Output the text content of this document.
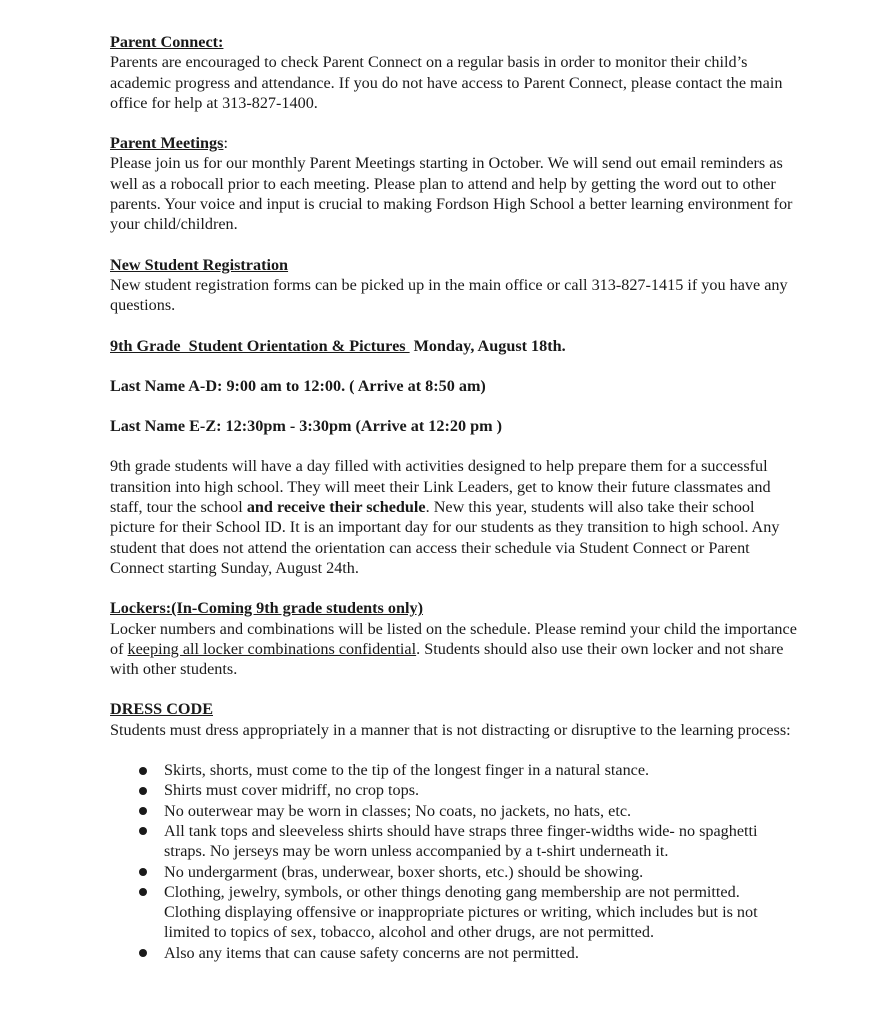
Parent Connect:

Parents are encouraged to check Parent Connect on a regular basis in order to monitor their child’s academic progress and attendance. If you do not have access to Parent Connect, please contact the main office for help at 313-827-1400.

Parent Meetings:

Please join us for our monthly Parent Meetings starting in October. We will send out email reminders as well as a robocall prior to each meeting. Please plan to attend and help by getting the word out to other parents. Your voice and input is crucial to making Fordson High School a better learning environment for your child/children.

New Student Registration

New student registration forms can be picked up in the main office or call 313-827-1415 if you have any questions.

9th Grade  Student Orientation & Pictures  Monday, August 18th.
Last Name A-D: 9:00 am to 12:00. ( Arrive at 8:50 am)
Last Name E-Z: 12:30pm - 3:30pm (Arrive at 12:20 pm )

9th grade students will have a day filled with activities designed to help prepare them for a successful transition into high school. They will meet their Link Leaders, get to know their future classmates and staff, tour the school and receive their schedule. New this year, students will also take their school picture for their School ID. It is an important day for our students as they transition to high school. Any student that does not attend the orientation can access their schedule via Student Connect or Parent Connect starting Sunday, August 24th.

Lockers:(In-Coming 9th grade students only)

Locker numbers and combinations will be listed on the schedule. Please remind your child the importance of keeping all locker combinations confidential. Students should also use their own locker and not share with other students.

DRESS CODE

Students must dress appropriately in a manner that is not distracting or disruptive to the learning process:

Skirts, shorts, must come to the tip of the longest finger in a natural stance.
Shirts must cover midriff, no crop tops.
No outerwear may be worn in classes; No coats, no jackets, no hats, etc.
All tank tops and sleeveless shirts should have straps three finger-widths wide- no spaghetti straps. No jerseys may be worn unless accompanied by a t-shirt underneath it.
No undergarment (bras, underwear, boxer shorts, etc.) should be showing.
Clothing, jewelry, symbols, or other things denoting gang membership are not permitted. Clothing displaying offensive or inappropriate pictures or writing, which includes but is not limited to topics of sex, tobacco, alcohol and other drugs, are not permitted.
Also any items that can cause safety concerns are not permitted.
